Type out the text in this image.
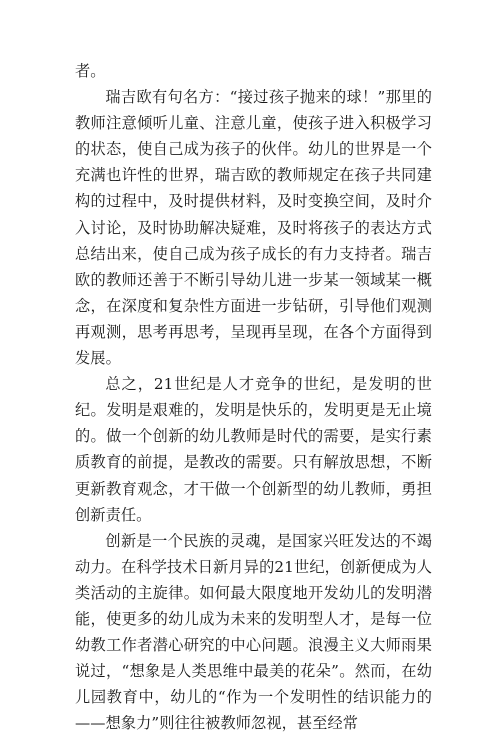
者。

瑞吉欧有句名方：“接过孩子抛来的球！”那里的教师注意倾听儿童、注意儿童，使孩子进入积极学习的状态，使自己成为孩子的伙伴。幼儿的世界是一个充满也许性的世界，瑞吉欧的教师规定在孩子共同建构的过程中，及时提供材料，及时变换空间，及时介入讨论，及时协助解决疑难，及时将孩子的表达方式总结出来，使自己成为孩子成长的有力支持者。瑞吉欧的教师还善于不断引导幼儿进一步某一领域某一概念，在深度和复杂性方面进一步钻研，引导他们观测再观测，思考再思考，呈现再呈现，在各个方面得到发展。

总之，21世纪是人才竞争的世纪，是发明的世纪。发明是艰难的，发明是快乐的，发明更是无止境的。做一个创新的幼儿教师是时代的需要，是实行素质教育的前提，是教改的需要。只有解放思想，不断更新教育观念，才干做一个创新型的幼儿教师，勇担创新责任。

创新是一个民族的灵魂，是国家兴旺发达的不竭动力。在科学技术日新月异的21世纪，创新便成为人类活动的主旋律。如何最大限度地开发幼儿的发明潜能，使更多的幼儿成为未来的发明型人才，是每一位幼教工作者潜心研究的中心问题。浪漫主义大师雨果说过，“想象是人类思维中最美的花朵”。然而，在幼儿园教育中，幼儿的“作为一个发明性的结识能力的——想象力”则往往被教师忽视，甚至经常
